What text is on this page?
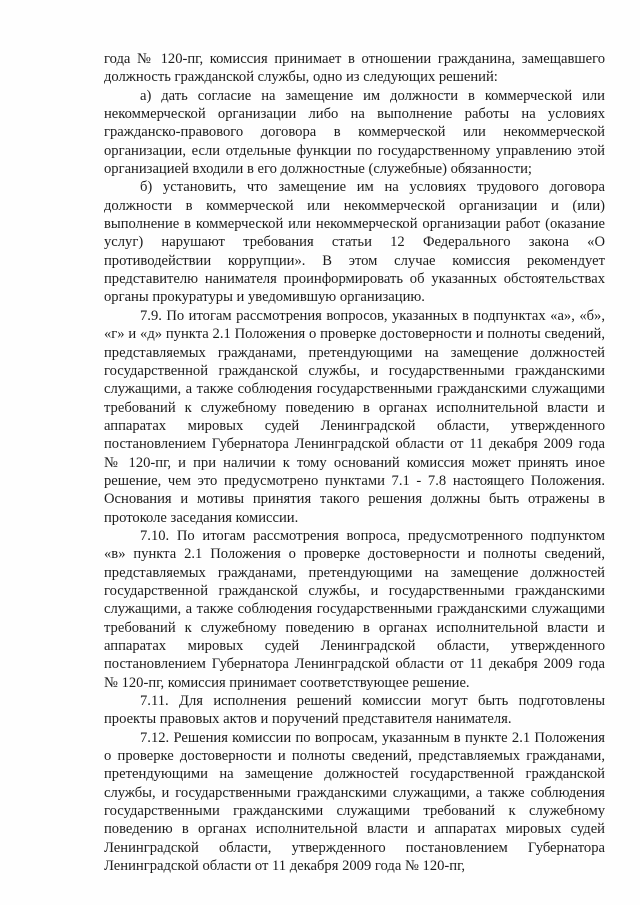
года № 120-пг, комиссия принимает в отношении гражданина, замещавшего должность гражданской службы, одно из следующих решений:

а) дать согласие на замещение им должности в коммерческой или некоммерческой организации либо на выполнение работы на условиях гражданско-правового договора в коммерческой или некоммерческой организации, если отдельные функции по государственному управлению этой организацией входили в его должностные (служебные) обязанности;

б) установить, что замещение им на условиях трудового договора должности в коммерческой или некоммерческой организации и (или) выполнение в коммерческой или некоммерческой организации работ (оказание услуг) нарушают требования статьи 12 Федерального закона «О противодействии коррупции». В этом случае комиссия рекомендует представителю нанимателя проинформировать об указанных обстоятельствах органы прокуратуры и уведомившую организацию.

7.9. По итогам рассмотрения вопросов, указанных в подпунктах «а», «б», «г» и «д» пункта 2.1 Положения о проверке достоверности и полноты сведений, представляемых гражданами, претендующими на замещение должностей государственной гражданской службы, и государственными гражданскими служащими, а также соблюдения государственными гражданскими служащими требований к служебному поведению в органах исполнительной власти и аппаратах мировых судей Ленинградской области, утвержденного постановлением Губернатора Ленинградской области от 11 декабря 2009 года № 120-пг, и при наличии к тому оснований комиссия может принять иное решение, чем это предусмотрено пунктами 7.1 - 7.8 настоящего Положения. Основания и мотивы принятия такого решения должны быть отражены в протоколе заседания комиссии.

7.10. По итогам рассмотрения вопроса, предусмотренного подпунктом «в» пункта 2.1 Положения о проверке достоверности и полноты сведений, представляемых гражданами, претендующими на замещение должностей государственной гражданской службы, и государственными гражданскими служащими, а также соблюдения государственными гражданскими служащими требований к служебному поведению в органах исполнительной власти и аппаратах мировых судей Ленинградской области, утвержденного постановлением Губернатора Ленинградской области от 11 декабря 2009 года № 120-пг, комиссия принимает соответствующее решение.

7.11. Для исполнения решений комиссии могут быть подготовлены проекты правовых актов и поручений представителя нанимателя.

7.12. Решения комиссии по вопросам, указанным в пункте 2.1 Положения о проверке достоверности и полноты сведений, представляемых гражданами, претендующими на замещение должностей государственной гражданской службы, и государственными гражданскими служащими, а также соблюдения государственными гражданскими служащими требований к служебному поведению в органах исполнительной власти и аппаратах мировых судей Ленинградской области, утвержденного постановлением Губернатора Ленинградской области от 11 декабря 2009 года № 120-пг,
